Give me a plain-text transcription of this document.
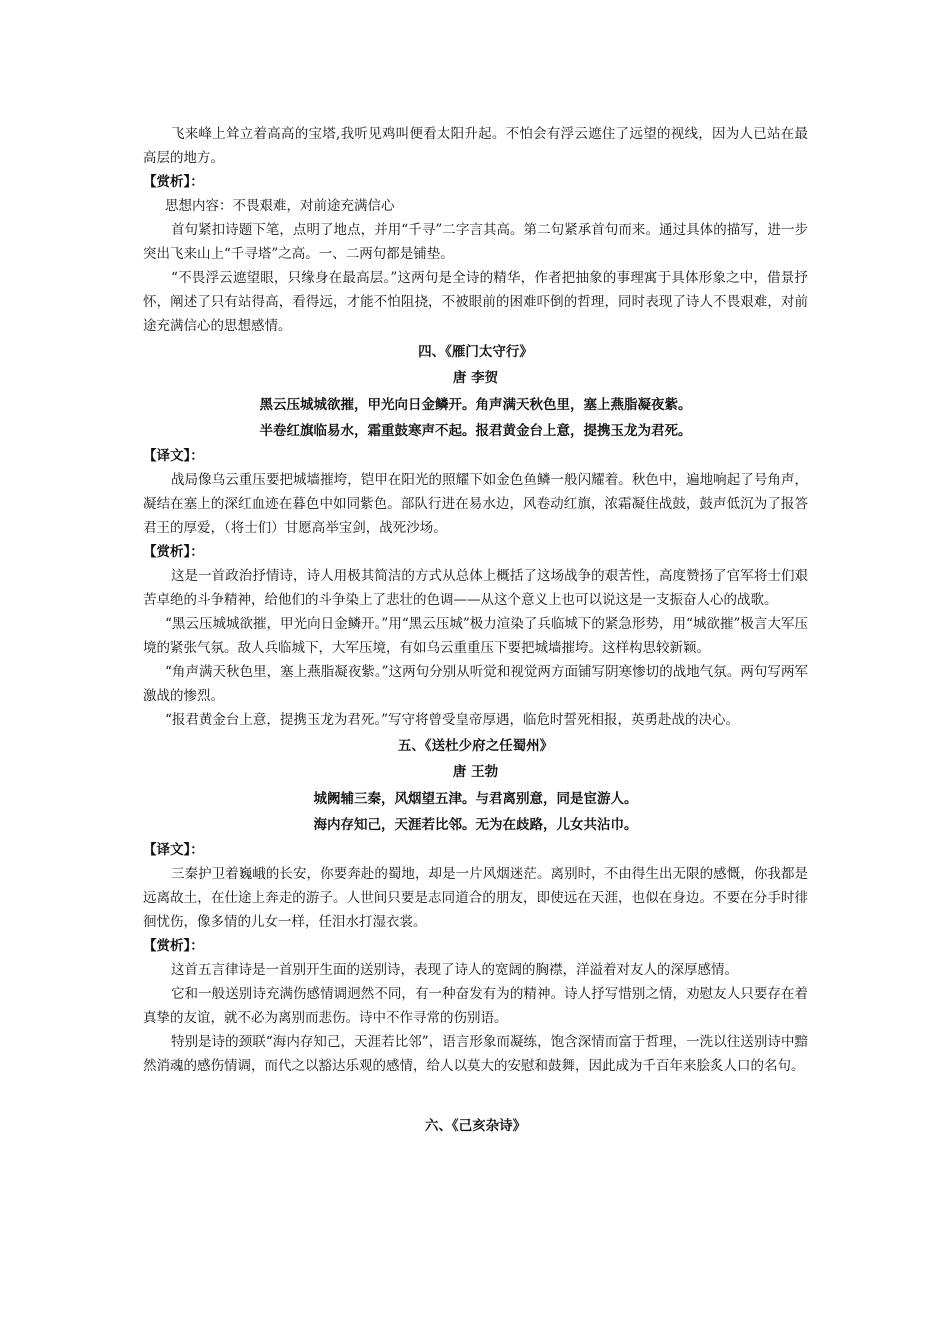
飞来峰上耸立着高高的宝塔,我听见鸡叫便看太阳升起。不怕会有浮云遮住了远望的视线，因为人已站在最高层的地方。

【赏析】：

思想内容：不畏艰难，对前途充满信心

首句紧扣诗题下笔，点明了地点，并用“千寻”二字言其高。第二句紧承首句而来。通过具体的描写，进一步突出飞来山上“千寻塔”之高。一、二两句都是铺垫。

“不畏浮云遮望眼，只缘身在最高层。”这两句是全诗的精华，作者把抽象的事理寓于具体形象之中，借景抒怀，阐述了只有站得高，看得远，才能不怕阻挠，不被眼前的困难吓倒的哲理，同时表现了诗人不畏艰难，对前途充满信心的思想感情。

四、《雁门太守行》
唐 李贺
黑云压城城欲摧，甲光向日金鳞开。角声满天秋色里，塞上燕脂凝夜紫。
半卷红旗临易水，霜重鼓寒声不起。报君黄金台上意，提携玉龙为君死。
【译文】：

战局像乌云重压要把城墙摧垮，铠甲在阳光的照耀下如金色鱼鳞一般闪耀着。秋色中，遍地响起了号角声，凝结在塞上的深红血迹在暮色中如同紫色。部队行进在易水边，风卷动红旗，浓霜凝住战鼓，鼓声低沉为了报答君王的厚爱，（将士们）甘愿高举宝剑，战死沙场。

【赏析】：

这是一首政治抒情诗，诗人用极其简洁的方式从总体上概括了这场战争的艰苦性，高度赞扬了官军将士们艰苦卓绝的斗争精神，给他们的斗争染上了悲壮的色调——从这个意义上也可以说这是一支振奋人心的战歌。

“黑云压城城欲摧，甲光向日金鳞开。”用“黑云压城”极力渲染了兵临城下的紧急形势，用“城欲摧”极言大军压境的紧张气氛。敌人兵临城下，大军压境，有如乌云重重压下要把城墙摧垮。这样构思较新颖。

“角声满天秋色里，塞上燕脂凝夜紫。”这两句分别从听觉和视觉两方面铺写阴寒惨切的战地气氛。两句写两军激战的惨烈。

“报君黄金台上意，提携玉龙为君死。”写守将曾受皇帝厚遇，临危时誓死相报，英勇赴战的决心。

五、《送杜少府之任蜀州》
唐 王勃
城阙辅三秦，风烟望五津。与君离别意，同是宦游人。
海内存知己，天涯若比邻。无为在歧路，儿女共沾巾。
【译文】：

三秦护卫着巍峨的长安，你要奔赴的蜀地，却是一片风烟迷茫。离别时，不由得生出无限的感慨，你我都是远离故土，在仕途上奔走的游子。人世间只要是志同道合的朋友，即使远在天涯，也似在身边。不要在分手时徘徊忧伤，像多情的儿女一样，任泪水打湿衣裳。

【赏析】：

这首五言律诗是一首别开生面的送别诗，表现了诗人的宽阔的胸襟，洋溢着对友人的深厚感情。

它和一般送别诗充满伤感情调迥然不同，有一种奋发有为的精神。诗人抒写惜别之情，劝慰友人只要存在着真挚的友谊，就不必为离别而悲伤。诗中不作寻常的伤别语。

特别是诗的颈联“海内存知己，天涯若比邻”，语言形象而凝练，饱含深情而富于哲理，一洗以往送别诗中黯然消魂的感伤情调，而代之以豁达乐观的感情，给人以莫大的安慰和鼓舞，因此成为千百年来脍炙人口的名句。

六、《己亥杂诗》
